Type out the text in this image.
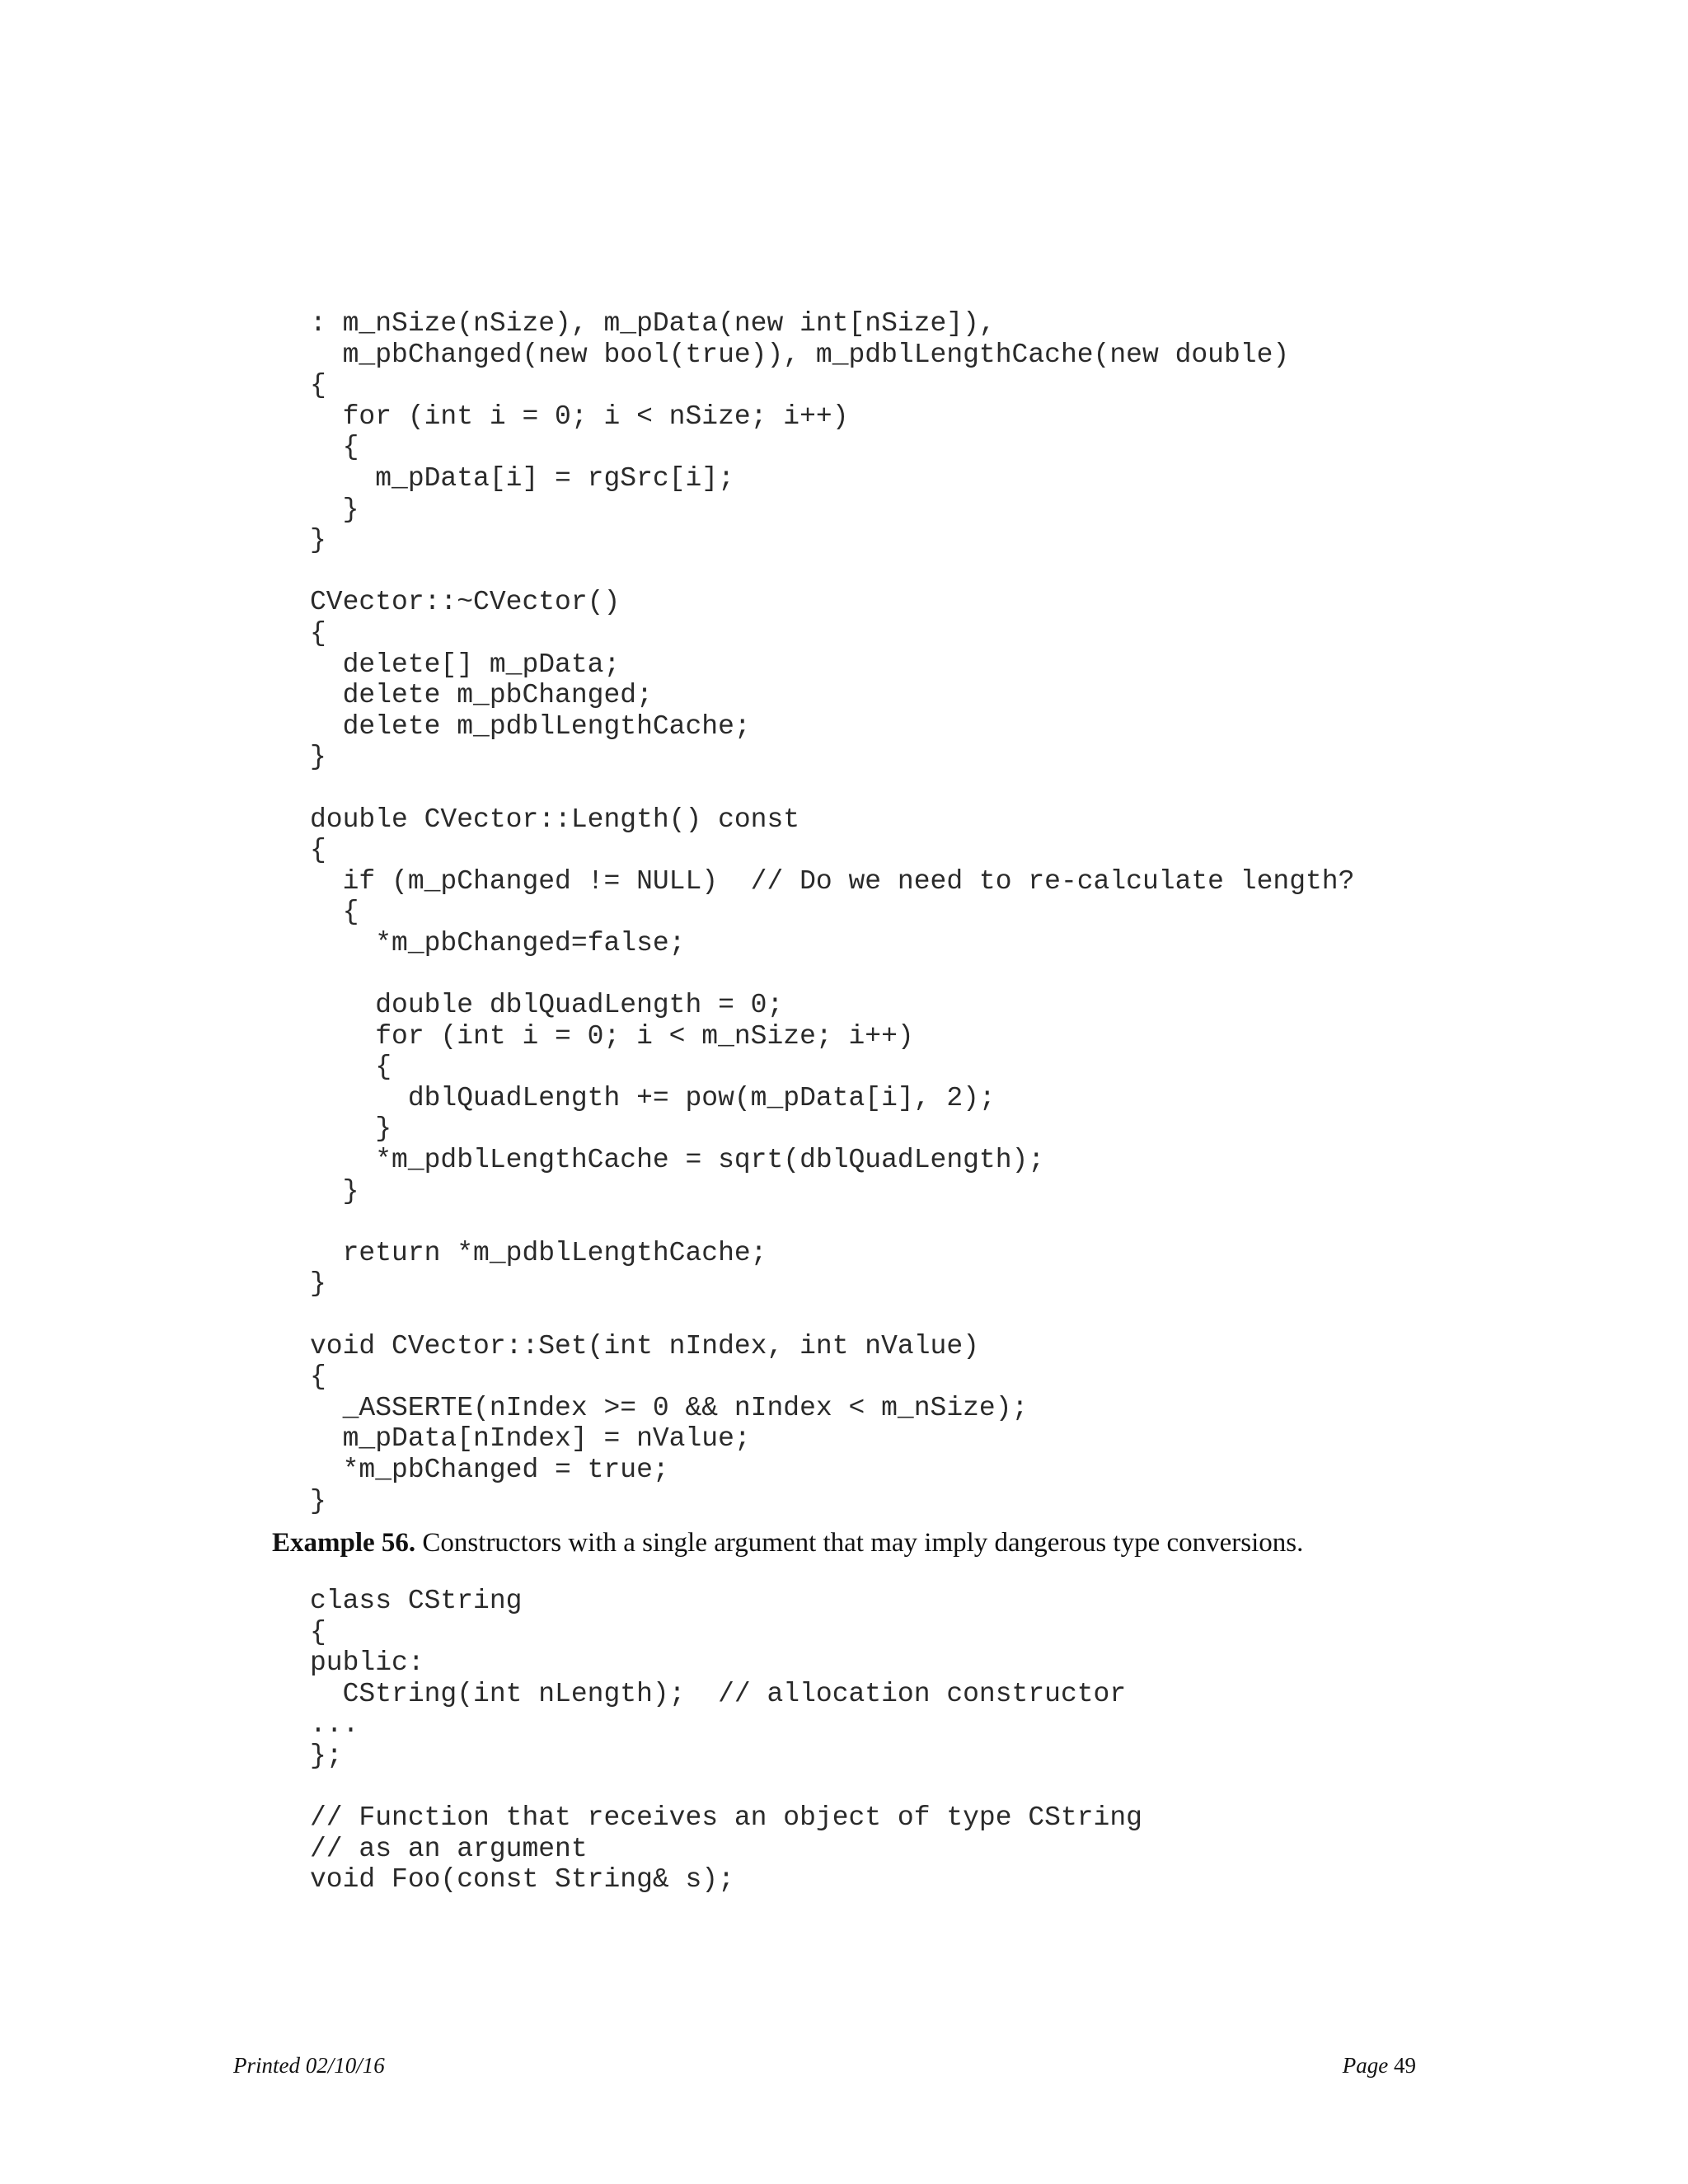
: m_nSize(nSize), m_pData(new int[nSize]),
m_pbChanged(new bool(true)), m_pdblLengthCache(new double)
{
for (int i = 0; i < nSize; i++)
{
m_pData[i] = rgSrc[i];
}
}

CVector::~CVector()
{
delete[] m_pData;
delete m_pbChanged;
delete m_pdblLengthCache;
}

double CVector::Length() const
{
if (m_pChanged != NULL)  // Do we need to re-calculate length?
{
*m_pbChanged=false;

double dblQuadLength = 0;
for (int i = 0; i < m_nSize; i++)
{
dblQuadLength += pow(m_pData[i], 2);
}
*m_pdblLengthCache = sqrt(dblQuadLength);
}

return *m_pdblLengthCache;
}

void CVector::Set(int nIndex, int nValue)
{
_ASSERTE(nIndex >= 0 && nIndex < m_nSize);
m_pData[nIndex] = nValue;
*m_pbChanged = true;
}

Example 56. Constructors with a single argument that may imply dangerous type conversions.

class CString
{
public:
CString(int nLength);  // allocation constructor
...
};

// Function that receives an object of type CString
// as an argument
void Foo(const String& s);
Printed 02/10/16	Page 49
